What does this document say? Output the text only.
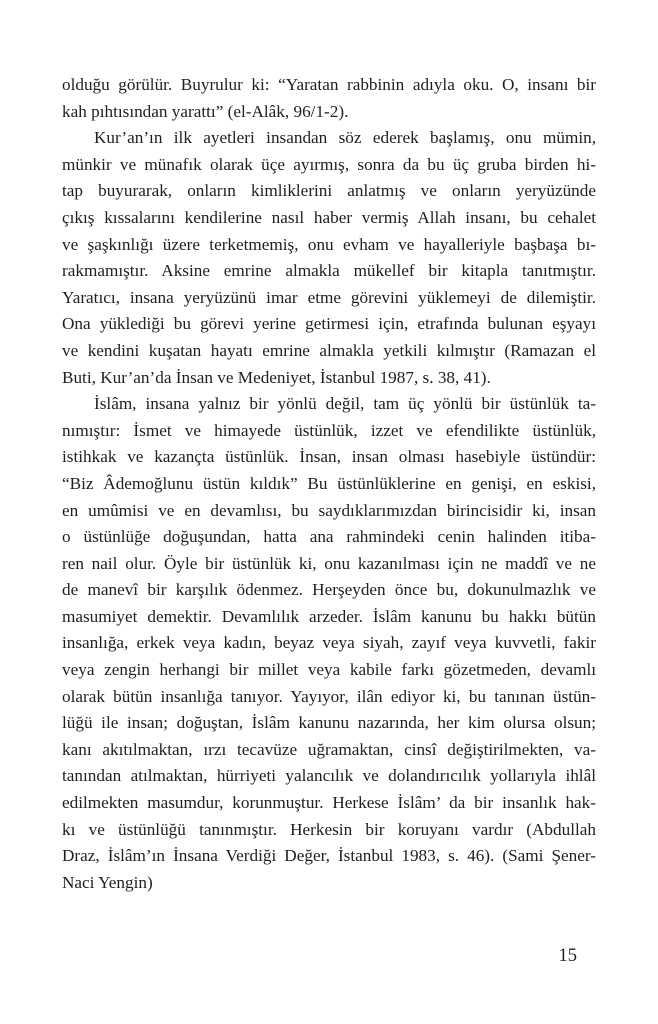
olduğu görülür. Buyrulur ki: “Yaratan rabbinin adıyla oku. O, insanı bir
kah pıhtısından yarattı” (el-Alâk, 96/1-2).
Kur’an’ın ilk ayetleri insandan söz ederek başlamış, onu mümin,
münkir ve münafık olarak üçe ayırmış, sonra da bu üç gruba birden hi-
tap buyurarak, onların kimliklerini anlatmış ve onların yeryüzünde
çıkış kıssalarını kendilerine nasıl haber vermiş Allah insanı, bu cehalet
ve şaşkınlığı üzere terketmemiş, onu evham ve hayalleriyle başbaşa bı-
rakmamıştır. Aksine emrine almakla mükellef bir kitapla tanıtmıştır.
Yaratıcı, insana yeryüzünü imar etme görevini yüklemeyi de dilemiştir.
Ona yüklediği bu görevi yerine getirmesi için, etrafında bulunan eşyayı
ve kendini kuşatan hayatı emrine almakla yetkili kılmıştır (Ramazan el
Buti, Kur’an’da İnsan ve Medeniyet, İstanbul 1987, s. 38, 41).
İslâm, insana yalnız bir yönlü değil, tam üç yönlü bir üstünlük ta-
nımıştır: İsmet ve himayede üstünlük, izzet ve efendilikte üstünlük,
istihkak ve kazançta üstünlük. İnsan, insan olması hasebiyle üstündür:
“Biz Âdemoğlunu üstün kıldık” Bu üstünlüklerine en genişi, en eskisi,
en umûmisi ve en devamlısı, bu saydıklarımızdan birincisidir ki, insan
o üstünlüğe doğuşundan, hatta ana rahmindeki cenin halinden itiba-
ren nail olur. Öyle bir üstünlük ki, onu kazanılması için ne maddî ve ne
de manevî bir karşılık ödenmez. Herşeyden önce bu, dokunulmazlık ve
masumiyet demektir. Devamlılık arzeder. İslâm kanunu bu hakkı bütün
insanlığa, erkek veya kadın, beyaz veya siyah, zayıf veya kuvvetli, fakir
veya zengin herhangi bir millet veya kabile farkı gözetmeden, devamlı
olarak bütün insanlığa tanıyor. Yayıyor, ilân ediyor ki, bu tanınan üstün-
lüğü ile insan; doğuştan, İslâm kanunu nazarında, her kim olursa olsun;
kanı akıtılmaktan, ırzı tecavüze uğramaktan, cinsî değiştirilmekten, va-
tanından atılmaktan, hürriyeti yalancılık ve dolandırıcılık yollarıyla ihlâl
edilmekten masumdur, korunmuştur. Herkese İslâm’ da bir insanlık hak-
kı ve üstünlüğü tanınmıştır. Herkesin bir koruyanı vardır (Abdullah
Draz, İslâm’ın İnsana Verdiği Değer, İstanbul 1983, s. 46). (Sami Şener-
Naci Yengin)
15
